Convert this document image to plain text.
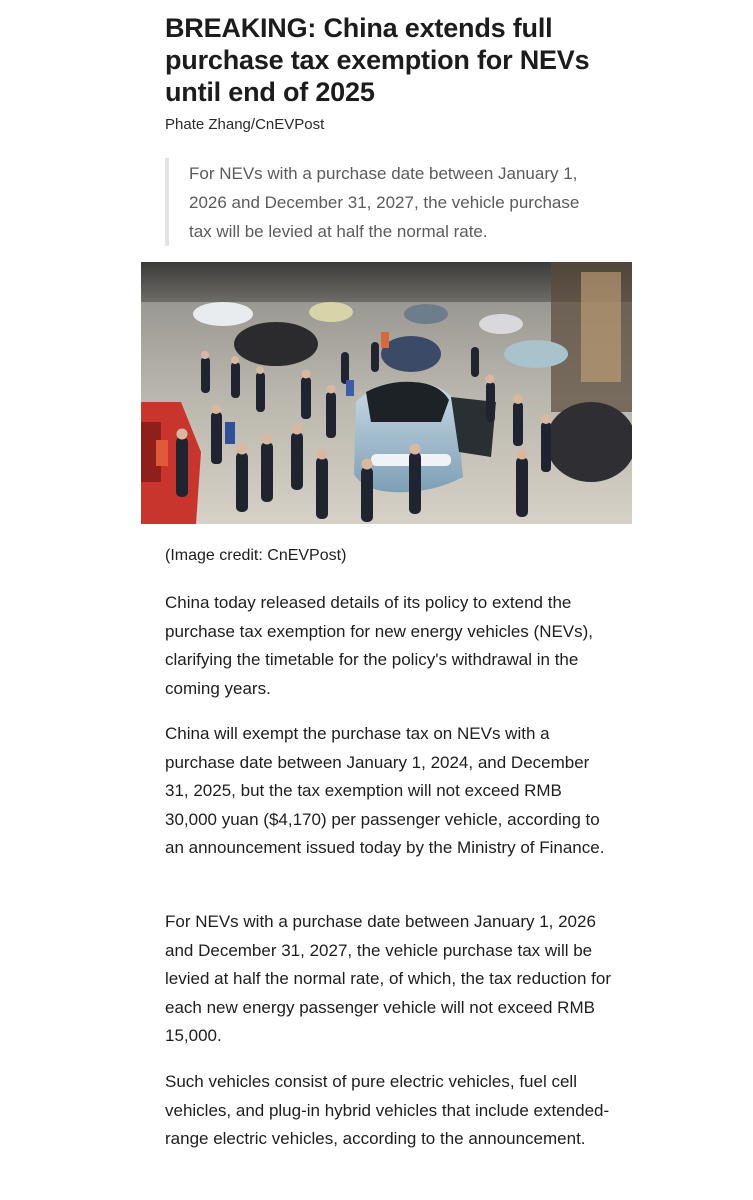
BREAKING: China extends full purchase tax exemption for NEVs until end of 2025
Phate Zhang/CnEVPost

For NEVs with a purchase date between January 1, 2026 and December 31, 2027, the vehicle purchase tax will be levied at half the normal rate.

(Image credit: CnEVPost)

China today released details of its policy to extend the purchase tax exemption for new energy vehicles (NEVs), clarifying the timetable for the policy's withdrawal in the coming years.

China will exempt the purchase tax on NEVs with a purchase date between January 1, 2024, and December 31, 2025, but the tax exemption will not exceed RMB 30,000 yuan ($4,170) per passenger vehicle, according to an announcement issued today by the Ministry of Finance.

For NEVs with a purchase date between January 1, 2026 and December 31, 2027, the vehicle purchase tax will be levied at half the normal rate, of which, the tax reduction for each new energy passenger vehicle will not exceed RMB 15,000.

Such vehicles consist of pure electric vehicles, fuel cell vehicles, and plug-in hybrid vehicles that include extended-range electric vehicles, according to the announcement.
